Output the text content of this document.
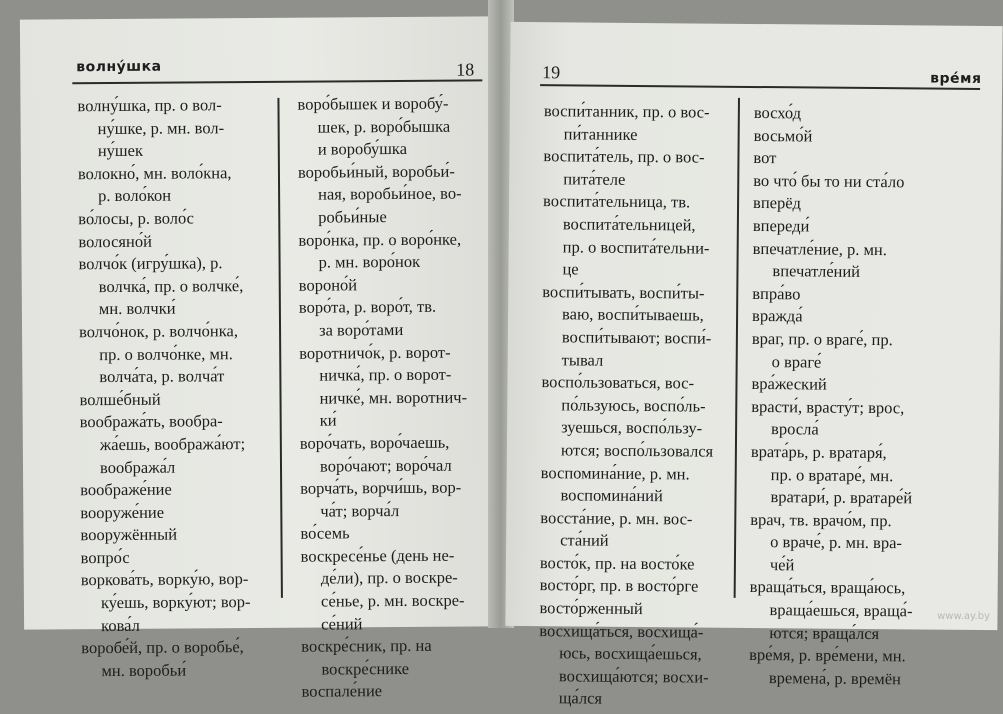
волну́шка	18
волну́шка, пр. о вол-
ну́шке, р. мн. вол-
ну́шек
волокно́, мн. воло́кна,
р. воло́кон
во́лосы, р. воло́с
волосяно́й
волчо́к (игру́шка), р.
волчка́, пр. о волчке́,
мн. волчки́
волчо́нок, р. волчо́нка,
пр. о волчо́нке, мн.
волча́та, р. волча́т
волше́бный
вообража́ть, вообра-
жа́ешь, вообража́ют;
вообража́л
воображе́ние
вооруже́ние
вооружённый
вопро́с
воркова́ть, ворку́ю, вор-
ку́ешь, ворку́ют; вор-
кова́л
воробе́й, пр. о воробье́,
мн. воробьи́
воро́бышек и воробу́-
шек, р. воро́бышка
и воробу́шка
воробьи́ный, воробьи́-
ная, воробьи́ное, во-
робьи́ные
воро́нка, пр. о воро́нке,
р. мн. воро́нок
вороно́й
воро́та, р. воро́т, тв.
за воро́тами
воротничо́к, р. ворот-
ничка́, пр. о ворот-
ничке́, мн. воротнич-
ки́
воро́чать, воро́чаешь,
воро́чают; воро́чал
ворча́ть, ворчи́шь, вор-
ча́т; ворча́л
во́семь
воскресе́нье (день не-
де́ли), пр. о воскре-
се́нье, р. мн. воскре-
се́ний
воскре́сник, пр. на
воскре́снике
воспале́ние
19	вре́мя
воспи́танник, пр. о вос-
пи́таннике
воспита́тель, пр. о вос-
пита́теле
воспита́тельница, тв.
воспита́тельницей,
пр. о воспита́тельни-
це
воспи́тывать, воспи́ты-
ваю, воспи́тываешь,
воспи́тывают; воспи́-
тывал
воспо́льзоваться, вос-
по́льзуюсь, воспо́ль-
зуешься, воспо́льзу-
ются; воспо́льзовался
воспомина́ние, р. мн.
воспомина́ний
восста́ние, р. мн. вос-
ста́ний
восто́к, пр. на восто́ке
восто́рг, пр. в восто́рге
восто́рженный
восхища́ться, восхища́-
юсь, восхища́ешься,
восхища́ются; восхи-
ща́лся
восхо́д
восьмо́й
вот
во что́ бы то ни ста́ло
вперёд
впереди́
впечатле́ние, р. мн.
впечатле́ний
впра́во
вражда́
враг, пр. о враге́, пр.
о враге́
вра́жеский
врасти́, врасту́т; врос,
вросла́
врата́рь, р. вратаря́,
пр. о вратаре́, мн.
вратари́, р. вратаре́й
врач, тв. врачо́м, пр.
о враче́, р. мн. вра-
че́й
враща́ться, враща́юсь,
враща́ешься, враща́-
ются; враща́лся
вре́мя, р. вре́мени, мн.
времена́, р. времён
www.ay.by
